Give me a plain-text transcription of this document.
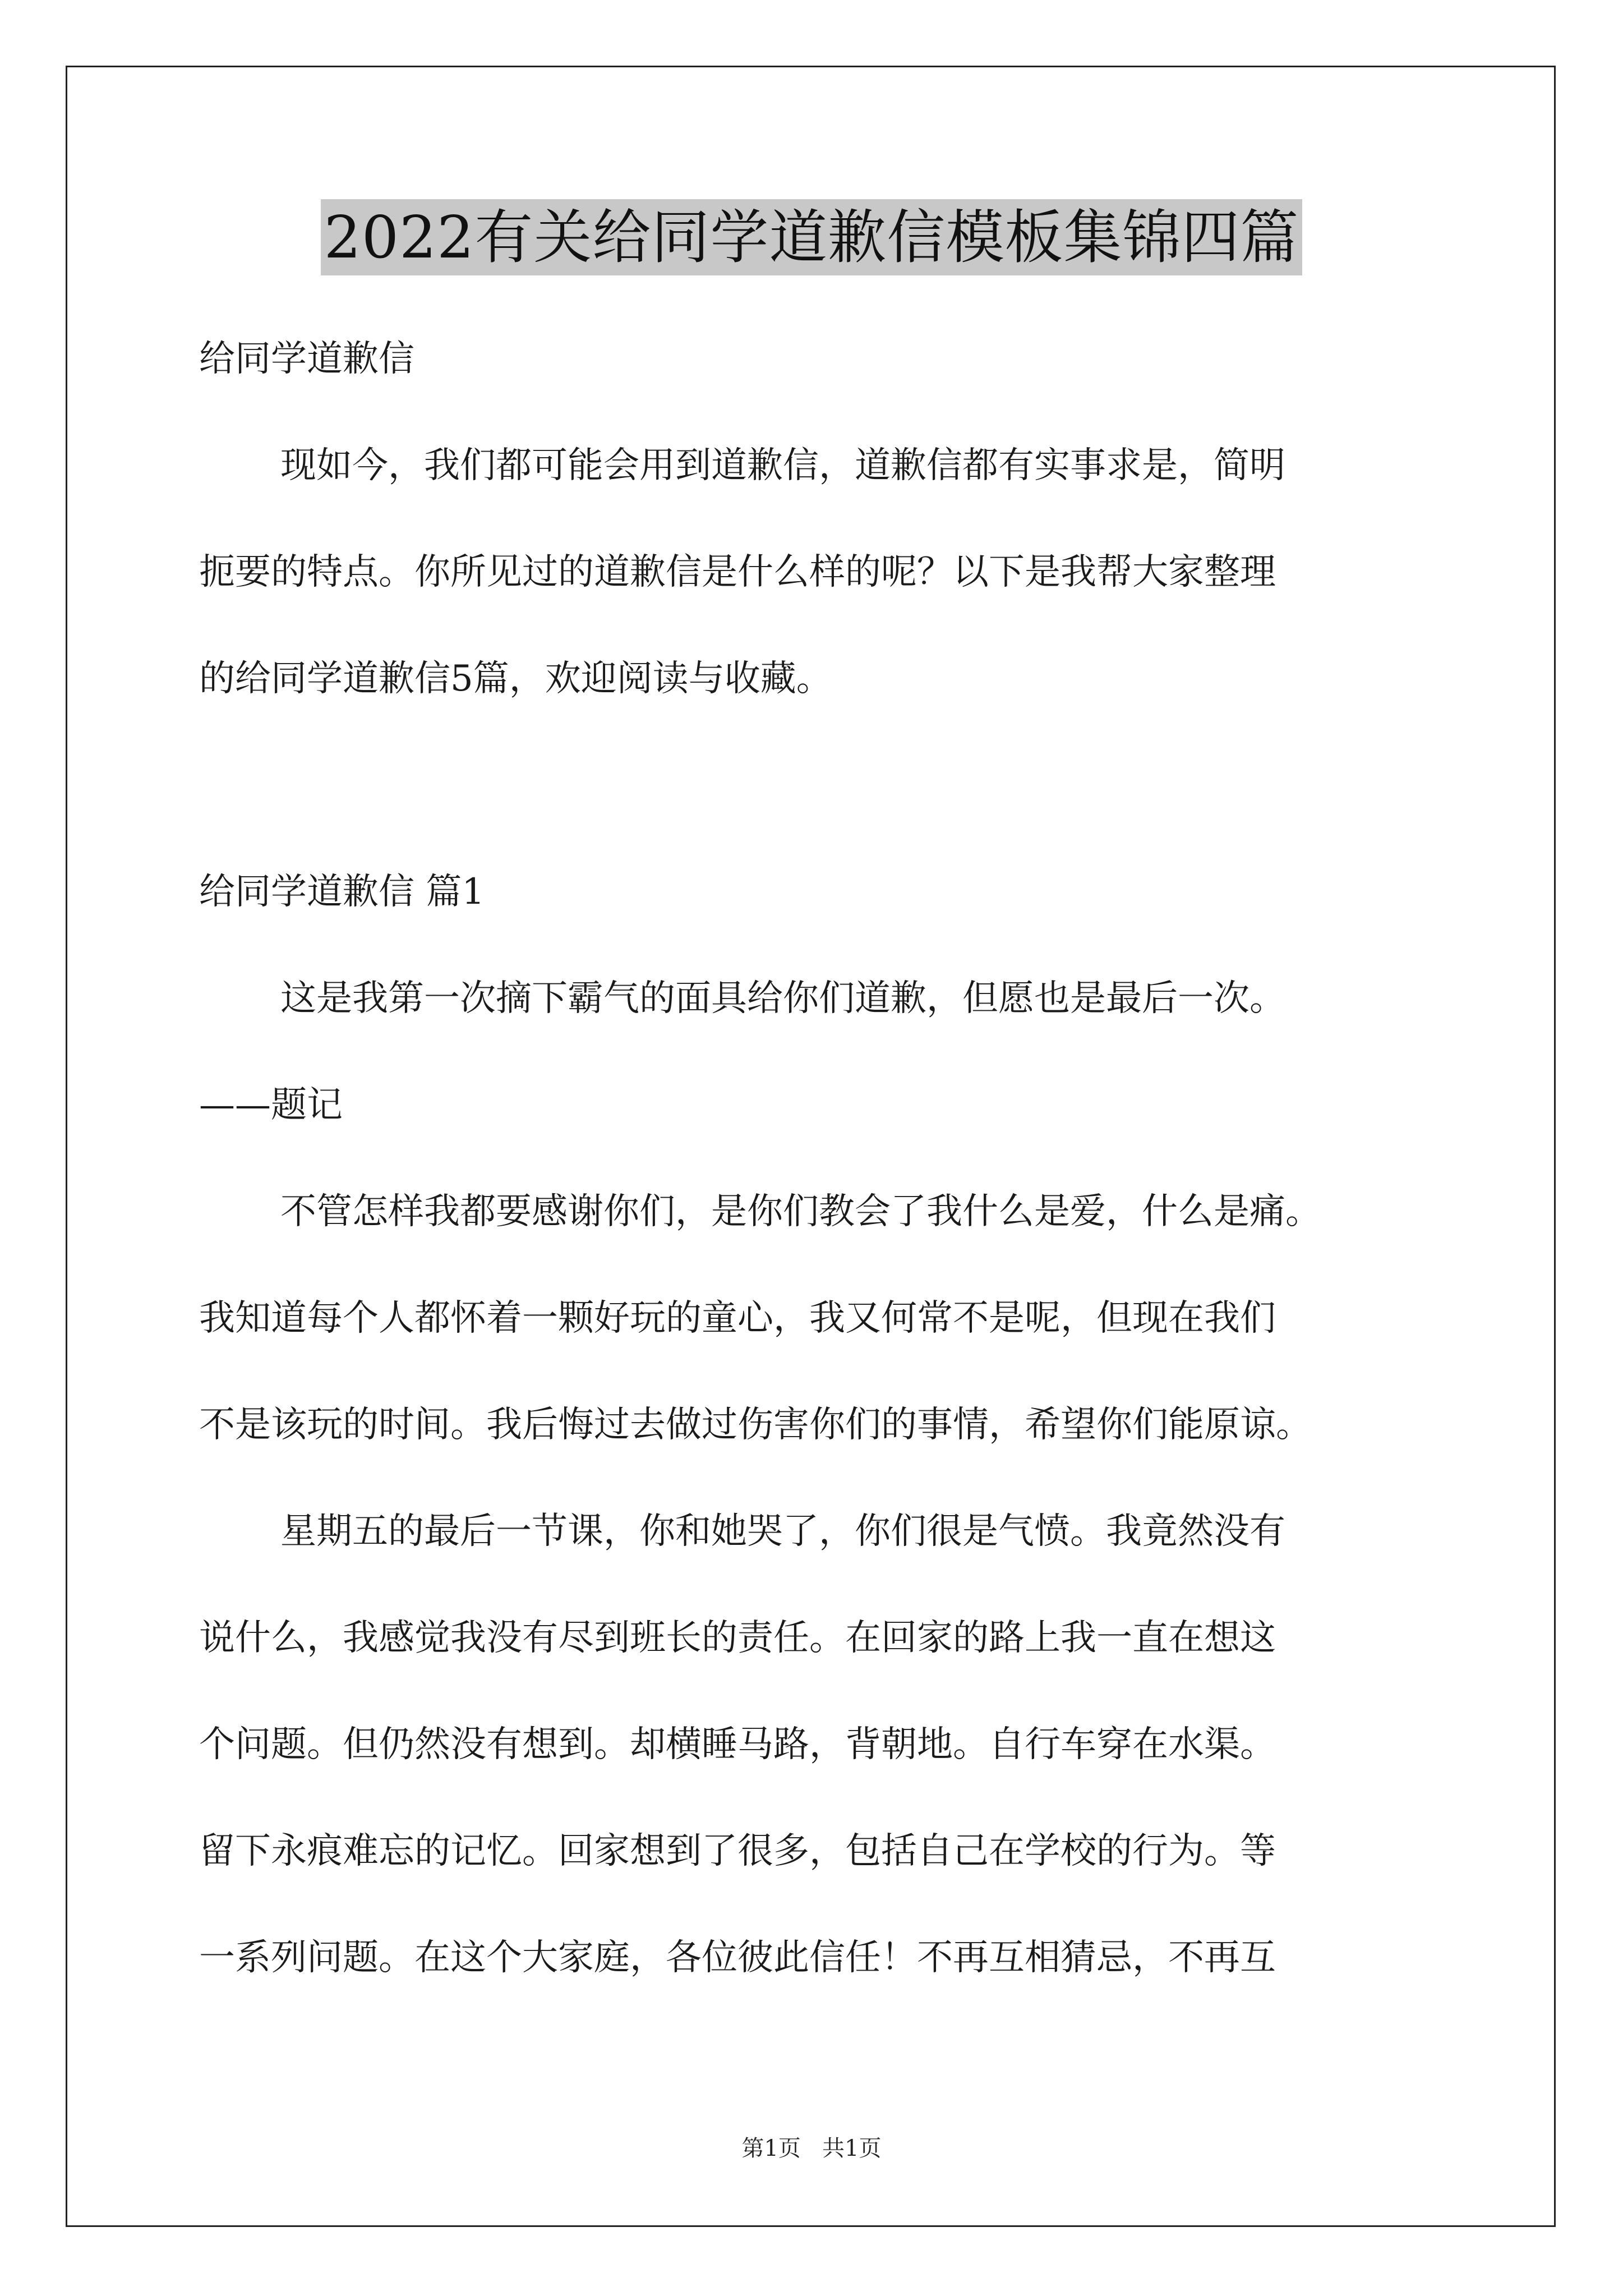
2022有关给同学道歉信模板集锦四篇
给同学道歉信
现如今，我们都可能会用到道歉信，道歉信都有实事求是，简明
扼要的特点。你所见过的道歉信是什么样的呢？以下是我帮大家整理
的给同学道歉信5篇，欢迎阅读与收藏。
给同学道歉信 篇1
这是我第一次摘下霸气的面具给你们道歉，但愿也是最后一次。
——题记
不管怎样我都要感谢你们，是你们教会了我什么是爱，什么是痛。
我知道每个人都怀着一颗好玩的童心，我又何常不是呢，但现在我们
不是该玩的时间。我后悔过去做过伤害你们的事情，希望你们能原谅。
星期五的最后一节课，你和她哭了，你们很是气愤。我竟然没有
说什么，我感觉我没有尽到班长的责任。在回家的路上我一直在想这
个问题。但仍然没有想到。却横睡马路，背朝地。自行车穿在水渠。
留下永痕难忘的记忆。回家想到了很多，包括自己在学校的行为。等
一系列问题。在这个大家庭，各位彼此信任！不再互相猜忌，不再互
第1页   共1页
